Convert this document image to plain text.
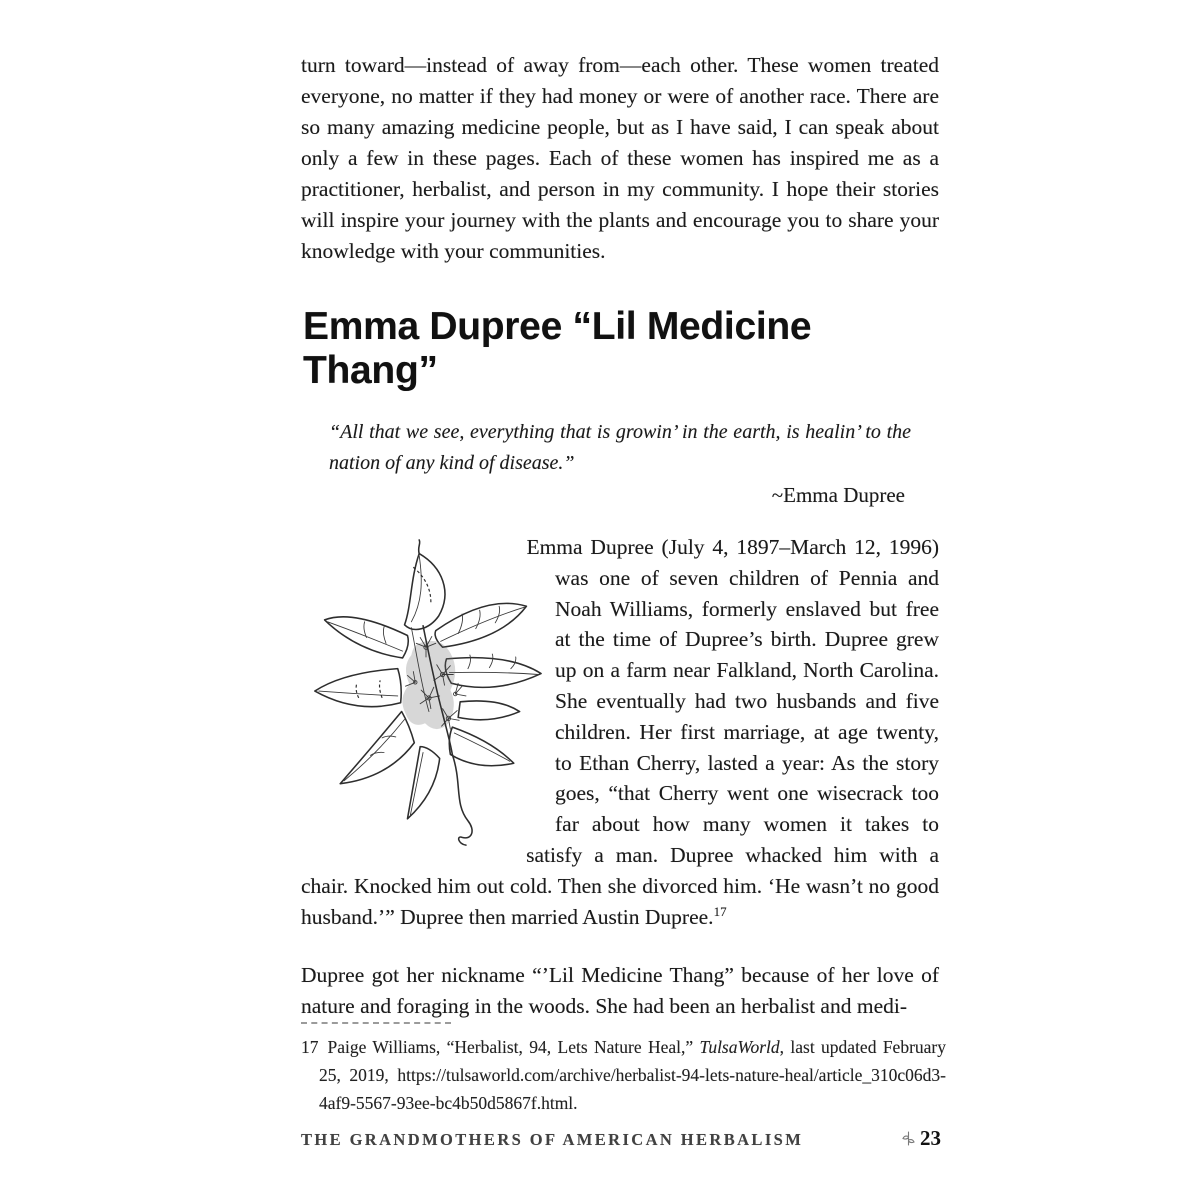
turn toward—instead of away from—each other. These women treated everyone, no matter if they had money or were of another race. There are so many amazing medicine people, but as I have said, I can speak about only a few in these pages. Each of these women has inspired me as a practitioner, herbalist, and person in my community. I hope their stories will inspire your journey with the plants and encourage you to share your knowledge with your communities.

Emma Dupree “Lil Medicine Thang”

“All that we see, everything that is growin’ in the earth, is healin’ to the nation of any kind of disease.”

~Emma Dupree

Emma Dupree (July 4, 1897–March 12, 1996) was one of seven children of Pennia and Noah Williams, formerly enslaved but free at the time of Dupree’s birth. Dupree grew up on a farm near Falkland, North Carolina. She eventually had two husbands and five children. Her first marriage, at age twenty, to Ethan Cherry, lasted a year: As the story goes, “that Cherry went one wisecrack too far about how many women it takes to satisfy a man. Dupree whacked him with a chair. Knocked him out cold. Then she divorced him. ‘He wasn’t no good husband.’” Dupree then married Austin Dupree.$^{17}$

Dupree got her nickname “’Lil Medicine Thang” because of her love of nature and foraging in the woods. She had been an herbalist and medi-

17 Paige Williams, “Herbalist, 94, Lets Nature Heal,” TulsaWorld, last updated February 25, 2019, https://tulsaworld.com/archive/herbalist-94-lets-nature-heal/article_310c06d3-4af9-5567-93ee-bc4b50d5867f.html.

THE GRANDMOTHERS OF AMERICAN HERBALISM	23
